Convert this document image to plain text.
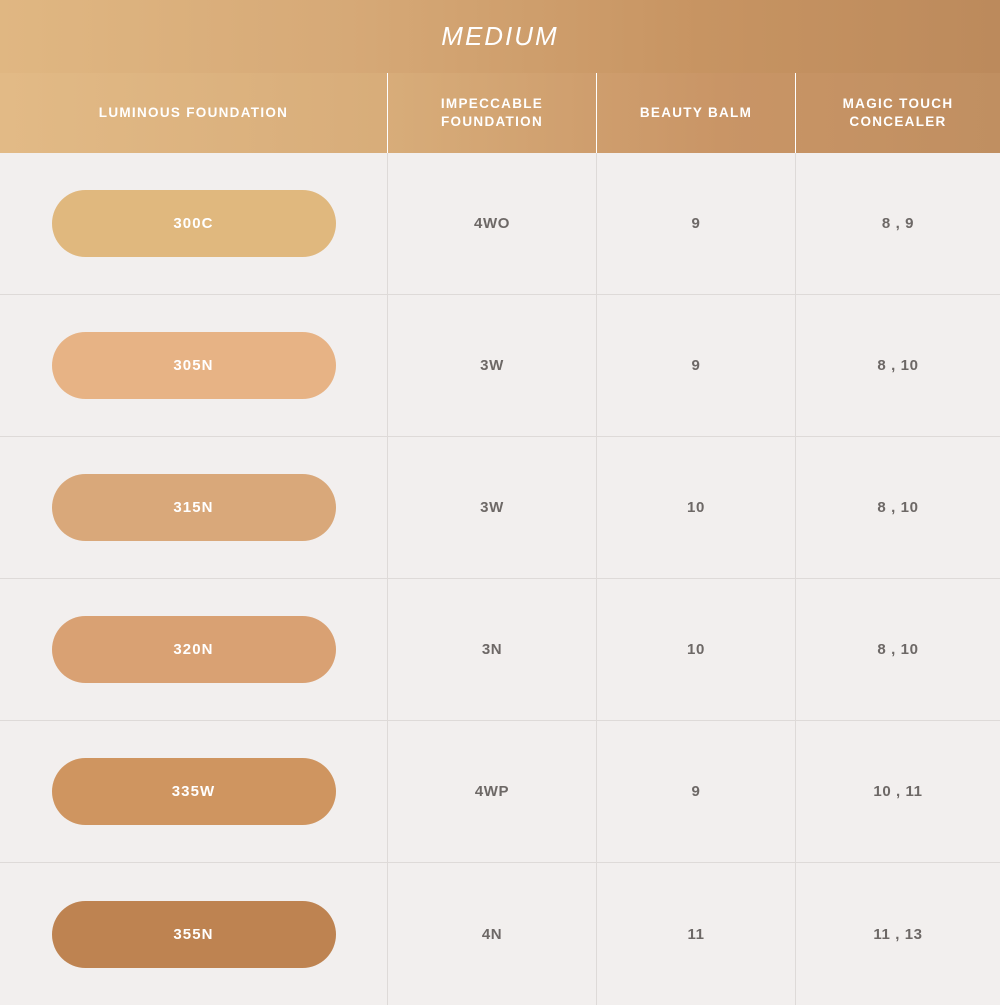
MEDIUM
LUMINOUS FOUNDATION
IMPECCABLE FOUNDATION
BEAUTY BALM
MAGIC TOUCH CONCEALER
300C	4WO	9	8 , 9
305N	3W	9	8 , 10
315N	3W	10	8 , 10
320N	3N	10	8 , 10
335W	4WP	9	10 , 11
355N	4N	11	11 , 13
